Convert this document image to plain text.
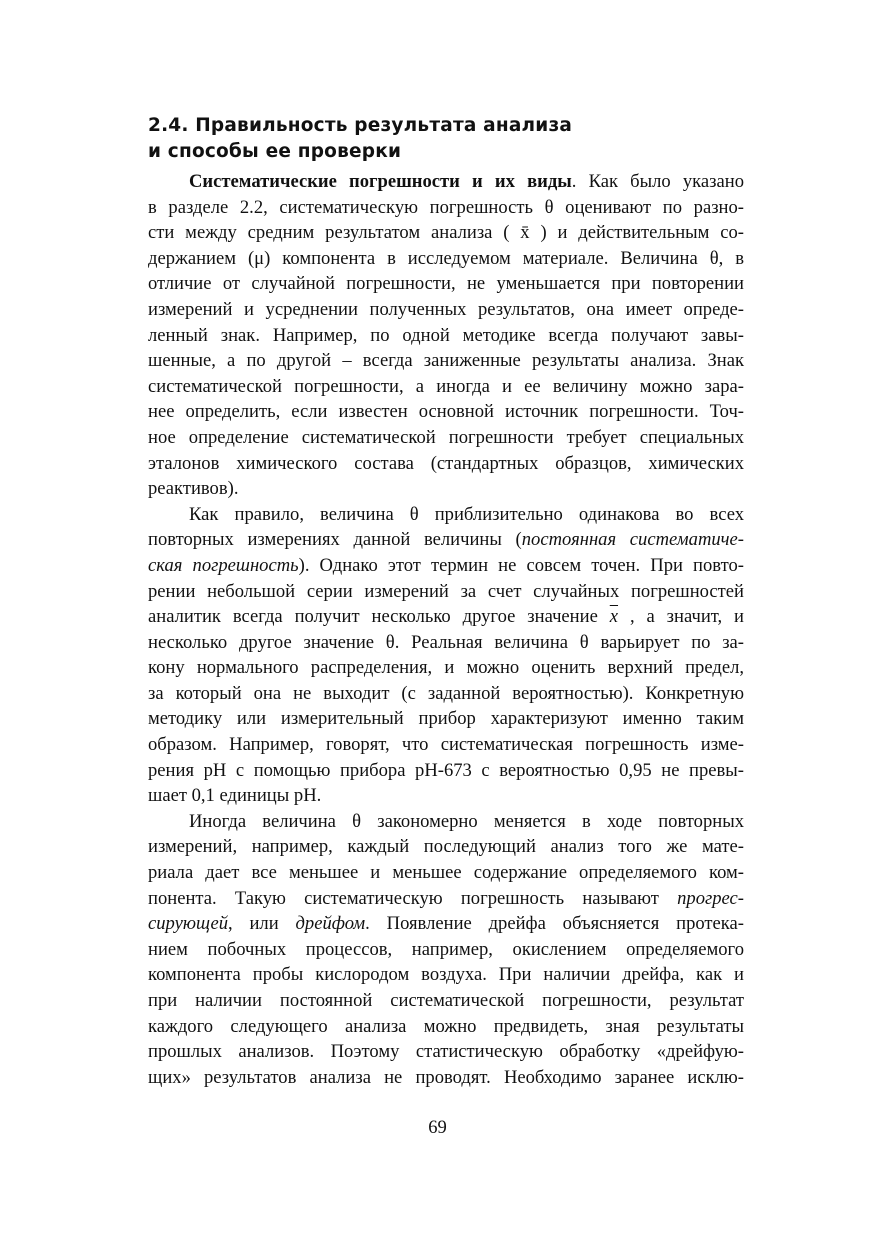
2.4. Правильность результата анализа
и способы ее проверки

Систематические погрешности и их виды. Как было указано
в разделе 2.2, систематическую погрешность θ оценивают по разно-
сти между средним результатом анализа ( x̄ ) и действительным со-
держанием (μ) компонента в исследуемом материале. Величина θ, в
отличие от случайной погрешности, не уменьшается при повторении
измерений и усреднении полученных результатов, она имеет опреде-
ленный знак. Например, по одной методике всегда получают завы-
шенные, а по другой – всегда заниженные результаты анализа. Знак
систематической погрешности, а иногда и ее величину можно зара-
нее определить, если известен основной источник погрешности. Точ-
ное определение систематической погрешности требует специальных
эталонов химического состава (стандартных образцов, химических
реактивов).

Как правило, величина θ приблизительно одинакова во всех
повторных измерениях данной величины (постоянная систематиче-
ская погрешность). Однако этот термин не совсем точен. При повто-
рении небольшой серии измерений за счет случайных погрешностей
аналитик всегда получит несколько другое значение $\overline{x}$ , а значит, и
несколько другое значение θ. Реальная величина θ варьирует по за-
кону нормального распределения, и можно оценить верхний предел,
за который она не выходит (с заданной вероятностью). Конкретную
методику или измерительный прибор характеризуют именно таким
образом. Например, говорят, что систематическая погрешность изме-
рения pH с помощью прибора pH-673 с вероятностью 0,95 не превы-
шает 0,1 единицы pH.

Иногда величина θ закономерно меняется в ходе повторных
измерений, например, каждый последующий анализ того же мате-
риала дает все меньшее и меньшее содержание определяемого ком-
понента. Такую систематическую погрешность называют прогрес-
сирующей, или дрейфом. Появление дрейфа объясняется протека-
нием побочных процессов, например, окислением определяемого
компонента пробы кислородом воздуха. При наличии дрейфа, как и
при наличии постоянной систематической погрешности, результат
каждого следующего анализа можно предвидеть, зная результаты
прошлых анализов. Поэтому статистическую обработку «дрейфую-
щих» результатов анализа не проводят. Необходимо заранее исклю-

69
